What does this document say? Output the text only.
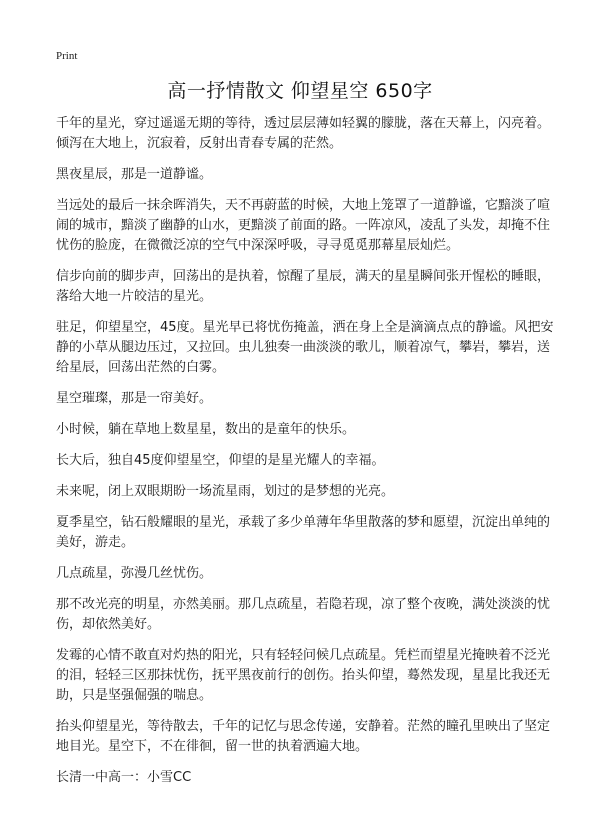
Print
高一抒情散文 仰望星空 650字

千年的星光，穿过遥遥无期的等待，透过层层薄如轻翼的朦胧，落在天幕上，闪亮着。倾泻在大地上，沉寂着，反射出青春专属的茫然。

黑夜星辰，那是一道静谧。

当远处的最后一抹余晖消失，天不再蔚蓝的时候，大地上笼罩了一道静谧，它黯淡了喧闹的城市，黯淡了幽静的山水，更黯淡了前面的路。一阵凉风，凌乱了头发，却掩不住忧伤的脸庞，在微微泛凉的空气中深深呼吸，寻寻觅觅那幕星辰灿烂。

信步向前的脚步声，回荡出的是执着，惊醒了星辰，满天的星星瞬间张开惺松的睡眼，落给大地一片皎洁的星光。

驻足，仰望星空，45度。星光早已将忧伤掩盖，洒在身上全是滴滴点点的静谧。风把安静的小草从腿边压过，又拉回。虫儿独奏一曲淡淡的歌儿，顺着凉气，攀岩，攀岩，送给星辰，回荡出茫然的白雾。

星空璀璨，那是一帘美好。

小时候，躺在草地上数星星，数出的是童年的快乐。

长大后，独自45度仰望星空，仰望的是星光耀人的幸福。

未来呢，闭上双眼期盼一场流星雨，划过的是梦想的光亮。

夏季星空，钻石般耀眼的星光，承载了多少单薄年华里散落的梦和愿望，沉淀出单纯的美好，游走。

几点疏星，弥漫几丝忧伤。

那不改光亮的明星，亦然美丽。那几点疏星，若隐若现，凉了整个夜晚，满处淡淡的忧伤，却依然美好。

发霉的心情不敢直对灼热的阳光，只有轻轻问候几点疏星。凭栏而望星光掩映着不泛光的泪，轻轻三区那抹忧伤，抚平黑夜前行的创伤。抬头仰望，蓦然发现，星星比我还无助，只是坚强倔强的喘息。

抬头仰望星光，等待散去，千年的记忆与思念传递，安静着。茫然的瞳孔里映出了坚定地目光。星空下，不在徘徊，留一世的执着洒遍大地。

长清一中高一：小雪CC
